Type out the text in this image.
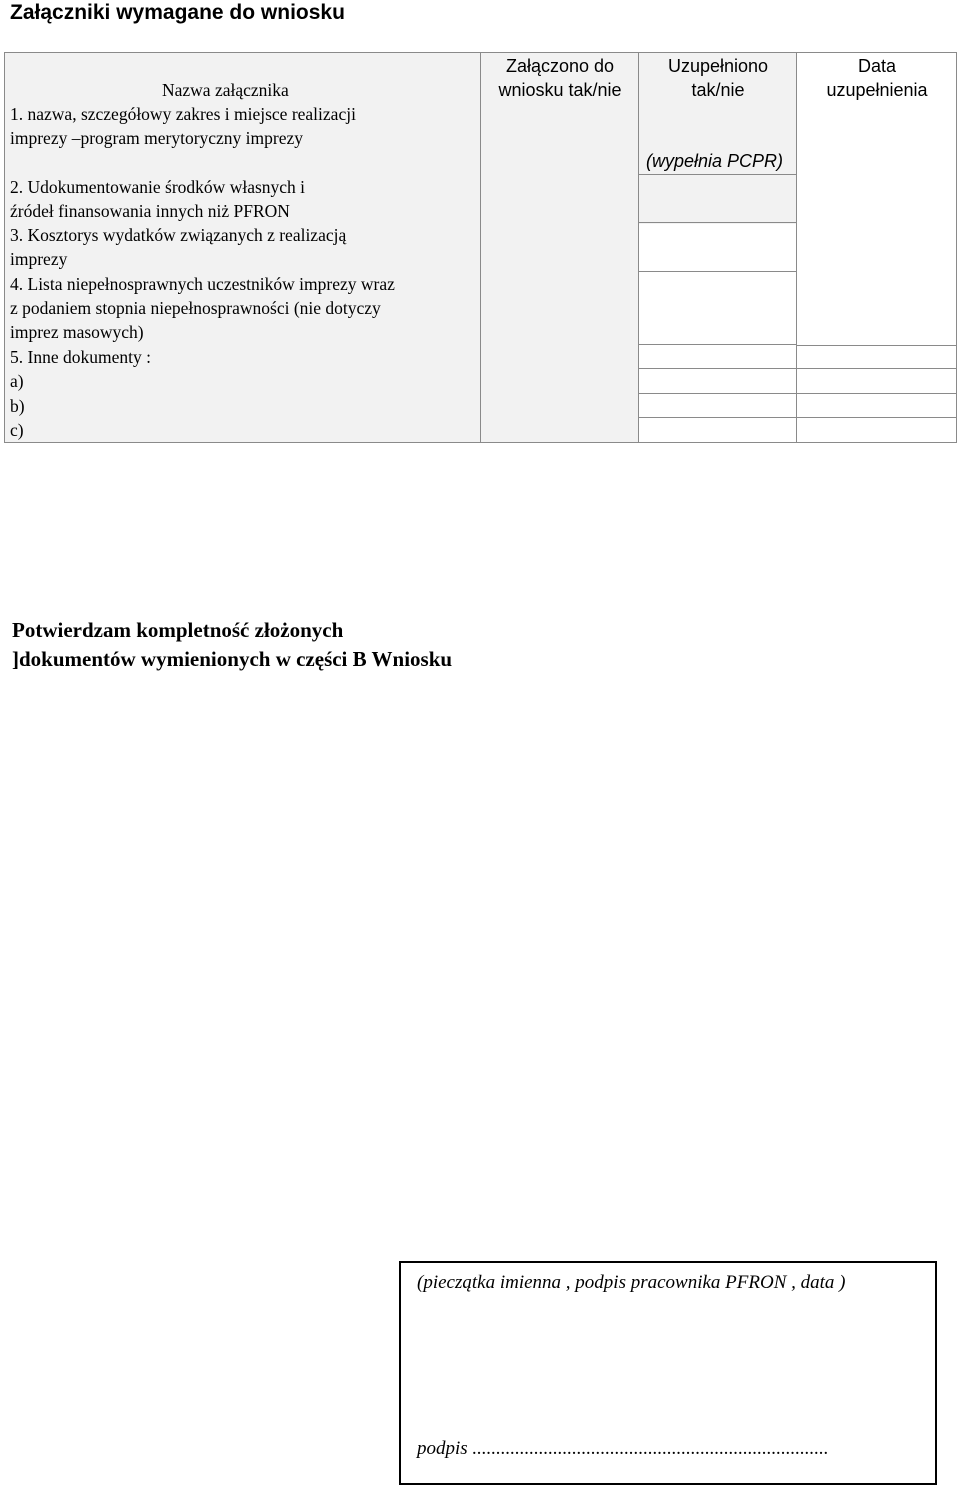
Załączniki wymagane do wniosku
Nazwa załącznika
Załączono do
wniosku tak/nie
Uzupełniono
tak/nie
Data
uzupełnienia
(wypełnia PCPR)
1. nazwa, szczegółowy zakres i miejsce realizacji
imprezy –program merytoryczny imprezy
2. Udokumentowanie środków własnych i
źródeł finansowania innych niż PFRON
3. Kosztorys wydatków związanych z realizacją
imprezy
4. Lista niepełnosprawnych uczestników imprezy wraz
z podaniem stopnia niepełnosprawności (nie dotyczy
imprez masowych)
5. Inne dokumenty :
a)
b)
c)
Potwierdzam kompletność złożonych
]dokumentów wymienionych w części B Wniosku
(pieczątka imienna , podpis pracownika PFRON , data )
podpis ...........................................................................
